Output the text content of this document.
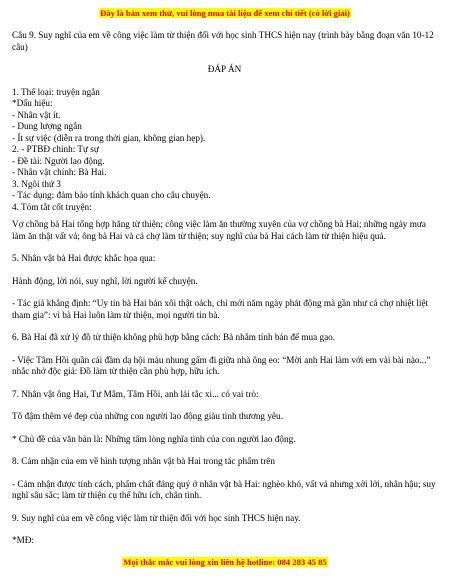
Đây là bản xem thử, vui lòng mua tài liệu để xem chi tiết (có lời giải)

Câu 9. Suy nghĩ của em về công việc làm từ thiện đối với học sinh THCS hiện nay (trình bày bằng đoạn văn 10-12 câu)

ĐÁP ÁN

1. Thể loại: truyện ngắn

*Dấu hiệu:

- Nhân vật ít.

- Dung lượng ngắn

- Ít sự việc (diễn ra trong thời gian, không gian hẹp).

2. - PTBĐ chính: Tự sự

- Đề tài: Người lao động.

- Nhân vật chính: Bà Hai.

3. Ngôi thứ 3

- Tác dụng: đảm bảo tính khách quan cho câu chuyện.

4. Tóm tắt cốt truyện:

Vợ chồng bà Hai tổng hợp hăng từ thiện; công việc làm ăn thường xuyên của vợ chồng bà Hai; những ngày mưa làm ăn thật vất vả; ông bà Hai và cả chợ làm từ thiện; suy nghĩ của bà Hai cách làm từ thiện hiệu quả.

5. Nhân vật bà Hai được khắc họa qua:

Hành động, lời nói, suy nghĩ, lời người kể chuyện.

- Tác giả khẳng định: “Uy tín bà Hai bán xôi thật oách, chỉ mới năm ngày phát động mà gần như cả chợ nhiệt liệt tham gia”: vì bà Hai luôn làm từ thiện, mọi người tin bà.

6. Bà Hai đã xử lý đồ từ thiện không phù hợp bằng cách: Bà nhắm tính bán để mua gạo.

- Việc Tâm Hồi quần cái đầm dạ hội màu nhung gấm đi giữa nhà ông eo: “Mời anh Hai làm với em vài bài nào...” nhắc nhở độc giả: Đồ làm từ thiện cần phù hợp, hữu ích.

7. Nhân vật ông Hai, Tư Mắm, Tâm Hồi, anh lái tắc xi... có vai trò:

Tô đậm thêm vẻ đẹp của những con người lao động giàu tình thương yêu.

* Chủ đề của văn bản là: Những tấm lòng nghĩa tình của con người lao động.

8. Cảm nhận của em về hình tượng nhân vật bà Hai trong tác phẩm trên

- Cảm nhận được tính cách, phẩm chất đáng quý ở nhân vật bà Hai: nghèo khó, vất vả nhưng xởi lởi, nhân hậu; suy nghĩ sâu sắc; làm từ thiện cụ thể hữu ích, chân tình.

9. Suy nghĩ của em về công việc làm từ thiện đối với học sinh THCS hiện nay.

*MĐ:

Mọi thắc mắc vui lòng xin liên hệ hotline: 084 283 45 85
